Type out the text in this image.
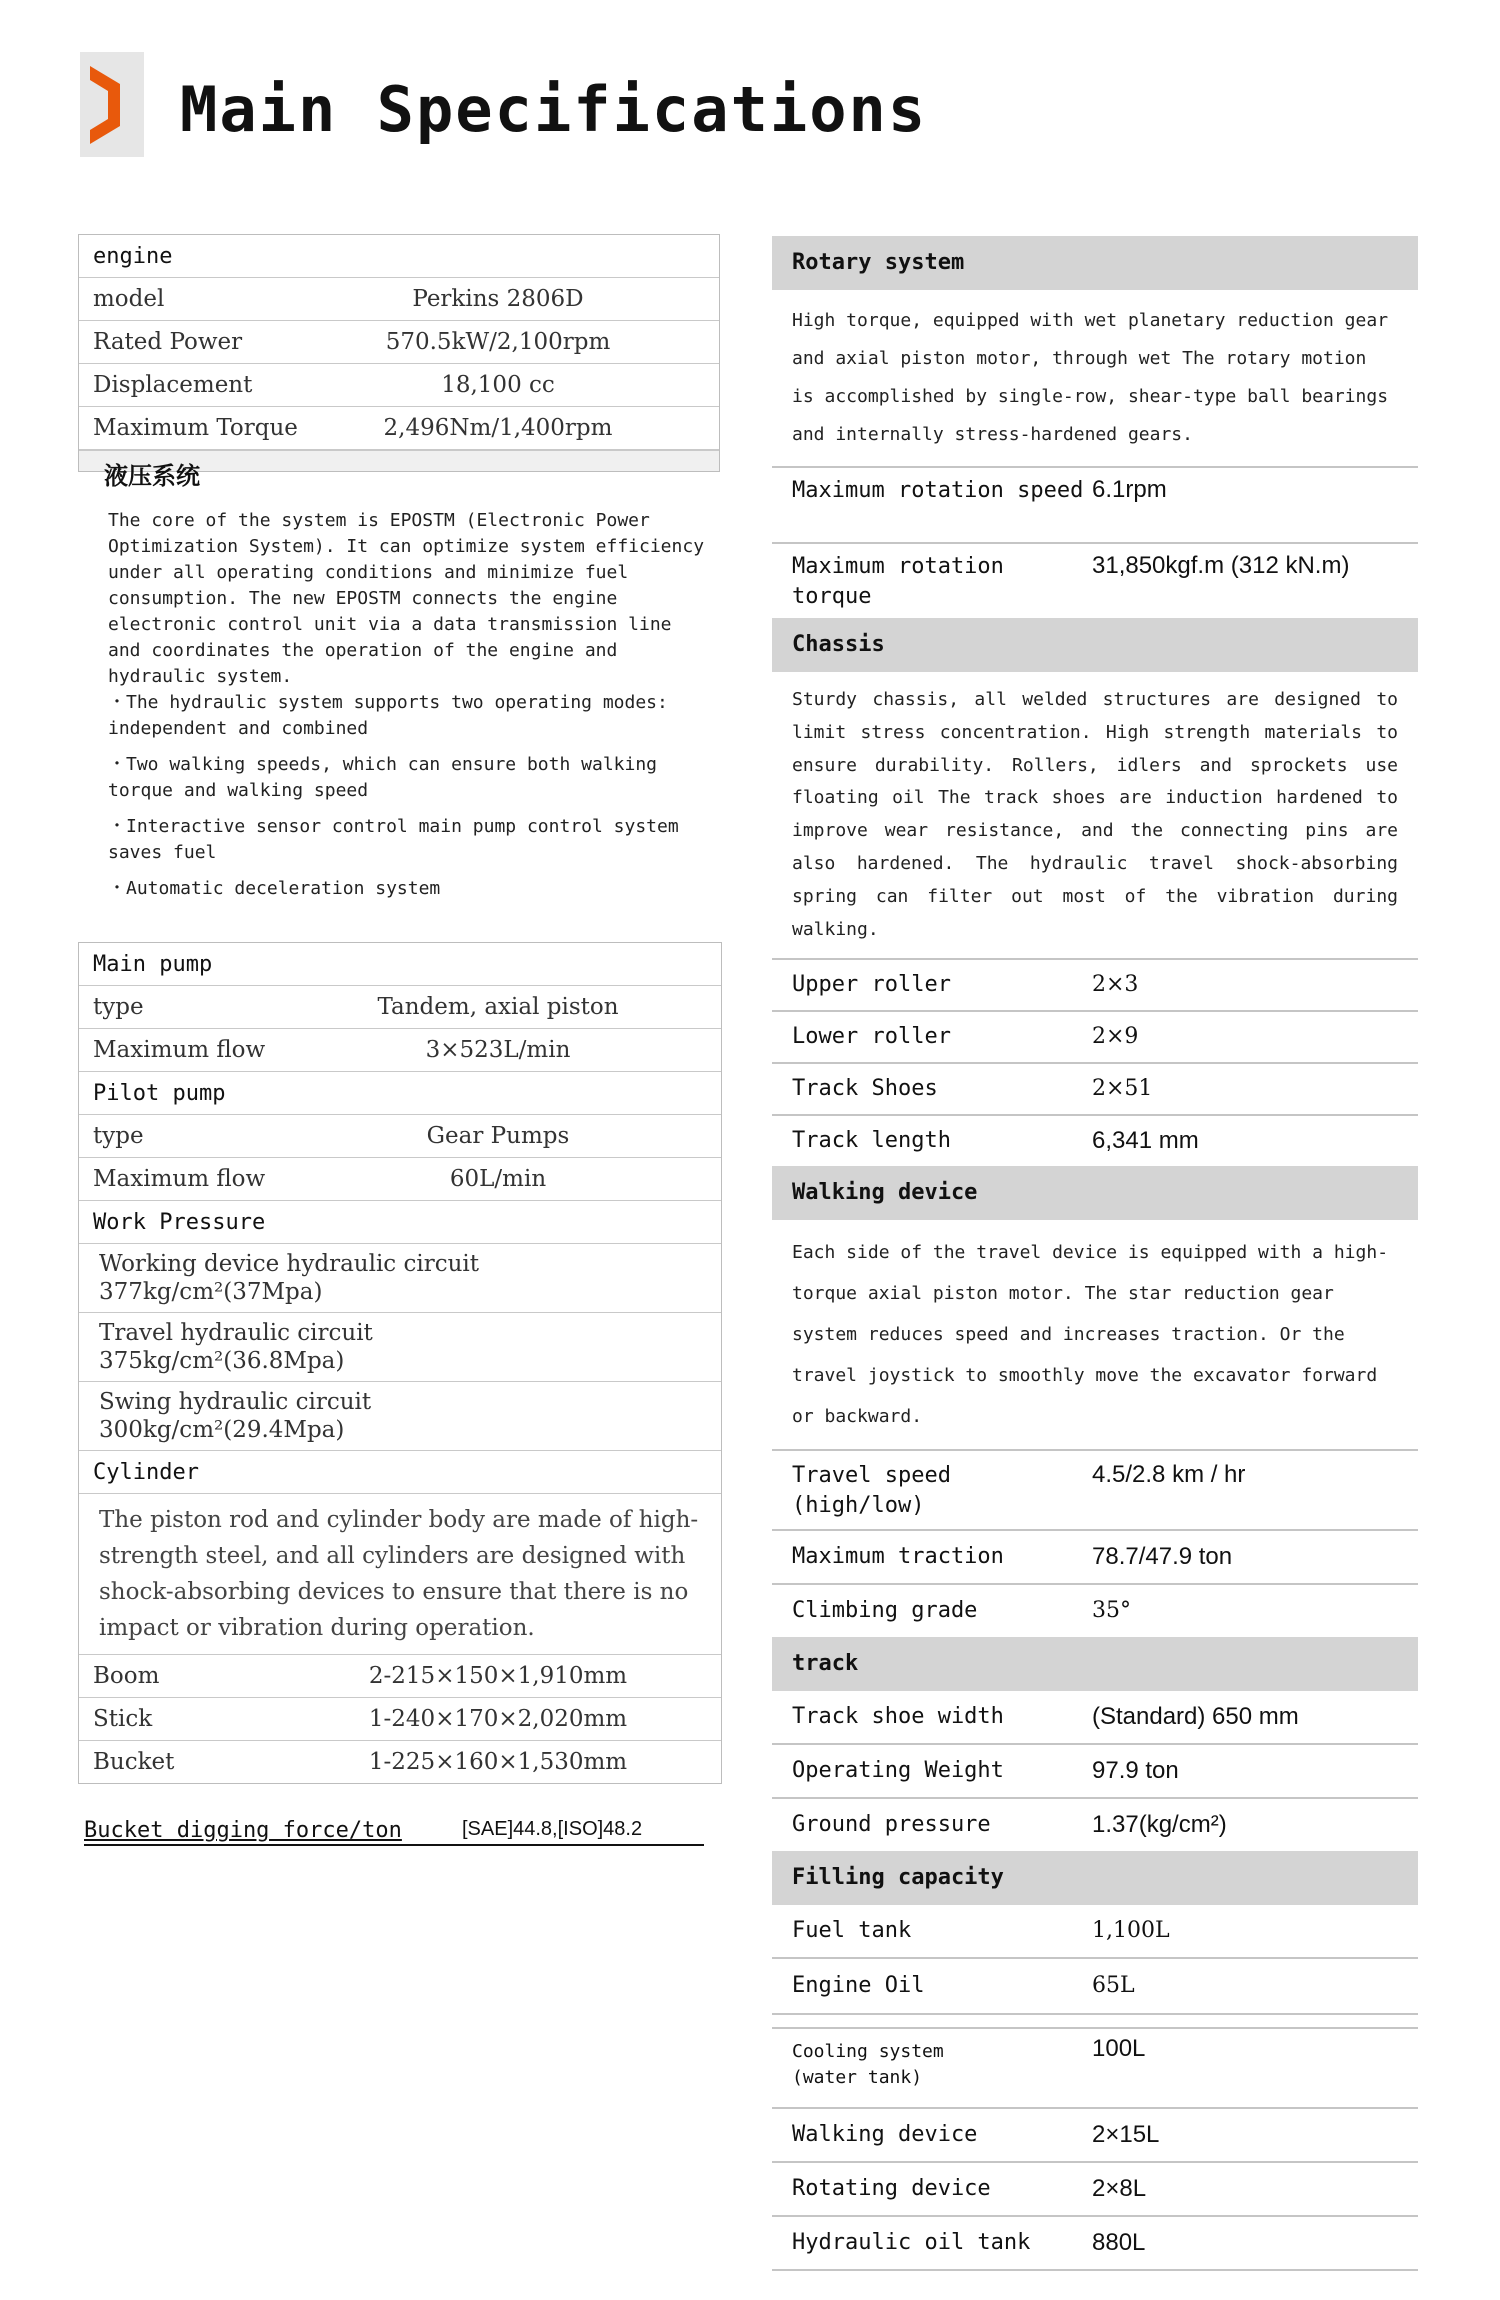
Main Specifications
engine
model	Perkins 2806D
Rated Power	570.5kW/2,100rpm
Displacement	18,100 cc
Maximum Torque	2,496Nm/1,400rpm
液压系统

The core of the system is EPOSTM (Electronic Power Optimization System). It can optimize system efficiency under all operating conditions and minimize fuel consumption. The new EPOSTM connects the engine electronic control unit via a data transmission line and coordinates the operation of the engine and hydraulic system.

・The hydraulic system supports two operating modes: independent and combined

・Two walking speeds, which can ensure both walking torque and walking speed

・Interactive sensor control main pump control system saves fuel

・Automatic deceleration system

Main pump
type	Tandem, axial piston
Maximum flow	3×523L/min
Pilot pump
type	Gear Pumps
Maximum flow	60L/min
Work Pressure
Working device hydraulic circuit
377kg/cm²(37Mpa)
Travel hydraulic circuit
375kg/cm²(36.8Mpa)
Swing hydraulic circuit
300kg/cm²(29.4Mpa)
Cylinder
The piston rod and cylinder body are made of high-strength steel, and all cylinders are designed with shock-absorbing devices to ensure that there is no impact or vibration during operation.
Boom	2-215×150×1,910mm
Stick	1-240×170×2,020mm
Bucket	1-225×160×1,530mm
Bucket digging force/ton	[SAE]44.8,[ISO]48.2
Rotary system
High torque, equipped with wet planetary reduction gear and axial piston motor, through wet The rotary motion is accomplished by single-row, shear-type ball bearings and internally stress-hardened gears.
Maximum rotation speed 6.1rpm
Maximum rotation torque
31,850kgf.m (312 kN.m)
Chassis
Sturdy chassis, all welded structures are designed to limit stress concentration. High strength materials to ensure durability. Rollers, idlers and sprockets use floating oil The track shoes are induction hardened to improve wear resistance, and the connecting pins are also hardened. The hydraulic travel shock-absorbing spring can filter out most of the vibration during walking.
Upper roller	2×3
Lower roller	2×9
Track Shoes	2×51
Track length	6,341 mm
Walking device
Each side of the travel device is equipped with a high-torque axial piston motor. The star reduction gear system reduces speed and increases traction. Or the travel joystick to smoothly move the excavator forward or backward.
Travel speed (high/low)
4.5/2.8 km / hr
Maximum traction	78.7/47.9 ton
Climbing grade	35°
track
Track shoe width	(Standard) 650 mm
Operating Weight	97.9 ton
Ground pressure	1.37(kg/cm²)
Filling capacity
Fuel tank	1,100L
Engine Oil	65L
Cooling system
(water tank)
100L
Walking device	2×15L
Rotating device	2×8L
Hydraulic oil tank	880L
